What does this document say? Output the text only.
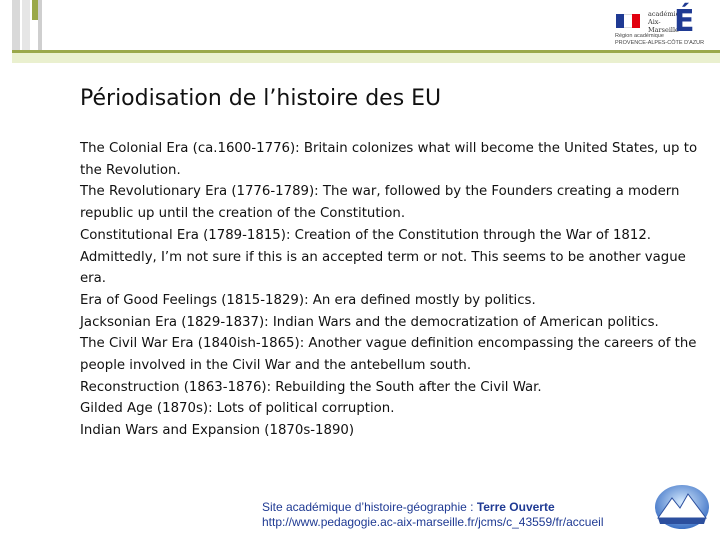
académie
Aix-Marseille
É
Région académique
PROVENCE-ALPES-CÔTE D'AZUR
Périodisation de l’histoire des EU

The Colonial Era (ca.1600-1776): Britain colonizes what will become the United States, up to the Revolution.

The Revolutionary Era (1776-1789): The war, followed by the Founders creating a modern republic up until the creation of the Constitution.

Constitutional Era (1789-1815): Creation of the Constitution through the War of 1812. Admittedly, I’m not sure if this is an accepted term or not. This seems to be another vague era.

Era of Good Feelings (1815-1829): An era defined mostly by politics.

Jacksonian Era (1829-1837): Indian Wars and the democratization of American politics.

The Civil War Era (1840ish-1865): Another vague definition encompassing the careers of the people involved in the Civil War and the antebellum south.

Reconstruction (1863-1876): Rebuilding the South after the Civil War.

Gilded Age (1870s): Lots of political corruption.

Indian Wars and Expansion (1870s-1890)

Site académique d’histoire-géographie : Terre Ouverte
http://www.pedagogie.ac-aix-marseille.fr/jcms/c_43559/fr/accueil
